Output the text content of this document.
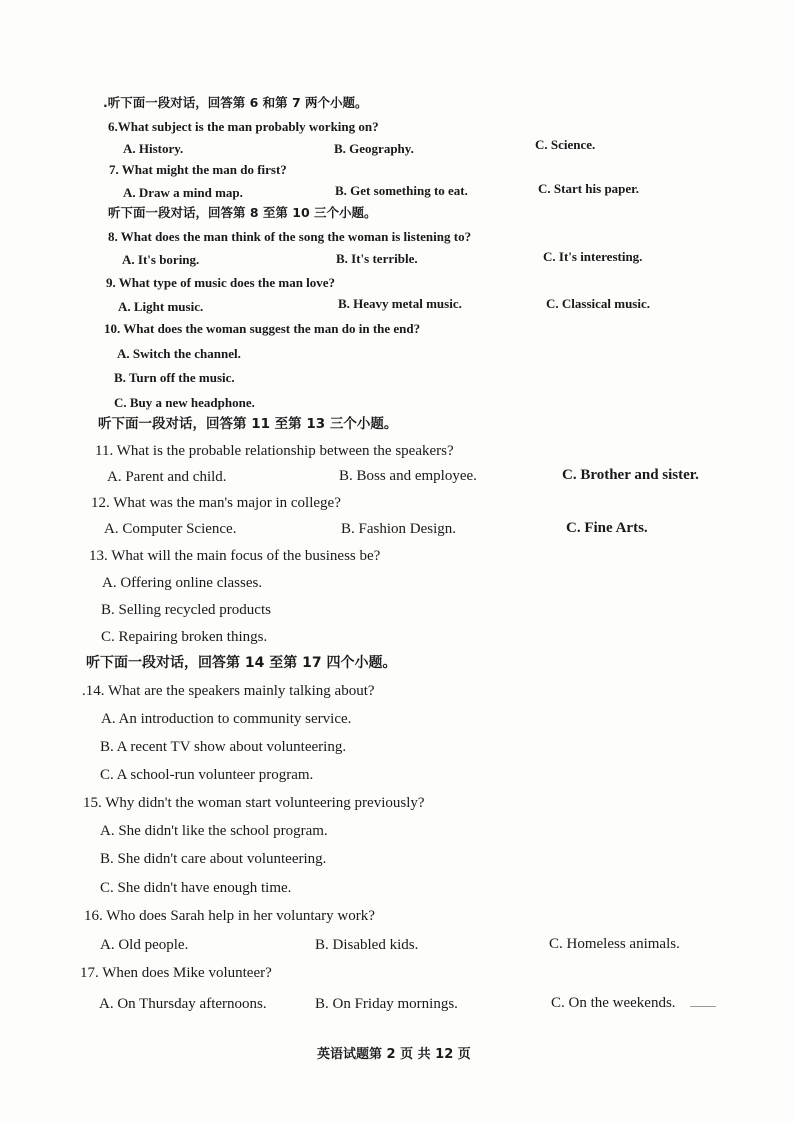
.听下面一段对话，回答第 6 和第 7 两个小题。
6.What subject is the man probably working on?
A. History.	B. Geography.	C. Science.
7. What might the man do first?
A. Draw a mind map.	B. Get something to eat.	C. Start his paper.
听下面一段对话，回答第 8 至第 10 三个小题。
8. What does the man think of the song the woman is listening to?
A. It's boring.	B. It's terrible.	C. It's interesting.
9. What type of music does the man love?
A. Light music.	B. Heavy metal music.	C. Classical music.
10. What does the woman suggest the man do in the end?
A. Switch the channel.
B. Turn off the music.
C. Buy a new headphone.
听下面一段对话，回答第 11 至第 13 三个小题。
11. What is the probable relationship between the speakers?
A. Parent and child.	B. Boss and employee.	C. Brother and sister.
12. What was the man's major in college?
A. Computer Science.	B. Fashion Design.	C. Fine Arts.
13. What will the main focus of the business be?
A. Offering online classes.
B. Selling recycled products
C. Repairing broken things.
听下面一段对话，回答第 14 至第 17 四个小题。
.14. What are the speakers mainly talking about?
A. An introduction to community service.
B. A recent TV show about volunteering.
C. A school-run volunteer program.
15. Why didn't the woman start volunteering previously?
A. She didn't like the school program.
B. She didn't care about volunteering.
C. She didn't have enough time.
16. Who does Sarah help in her voluntary work?
A. Old people.	B. Disabled kids.	C. Homeless animals.
17. When does Mike volunteer?
A. On Thursday afternoons.	B. On Friday mornings.	C. On the weekends.
英语试题第 2 页 共 12 页
